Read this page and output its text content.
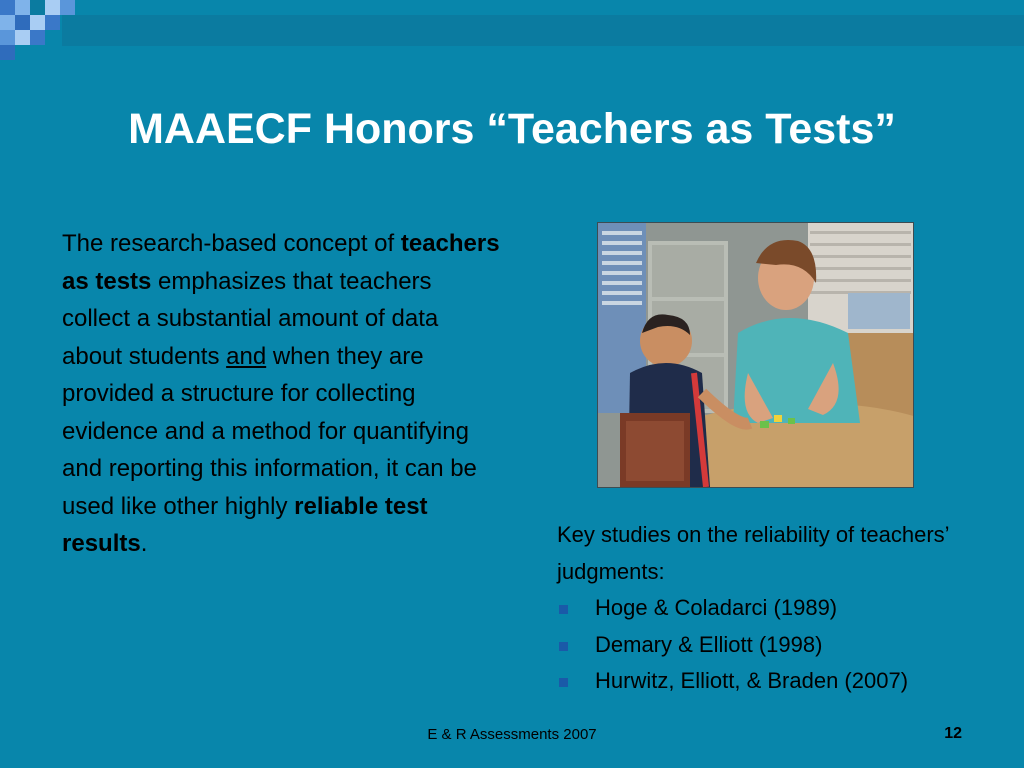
MAAECF Honors “Teachers as Tests”
The research-based concept of teachers as tests emphasizes that teachers collect a substantial amount of data about students and when they are provided a structure for collecting evidence and a method for quantifying and reporting this information, it can be used like other highly reliable test results.	Key studies on the reliability of teachers’ judgments:
Hoge & Coladarci (1989)
Demary & Elliott (1998)
Hurwitz, Elliott, & Braden (2007)
E & R Assessments 2007	12
